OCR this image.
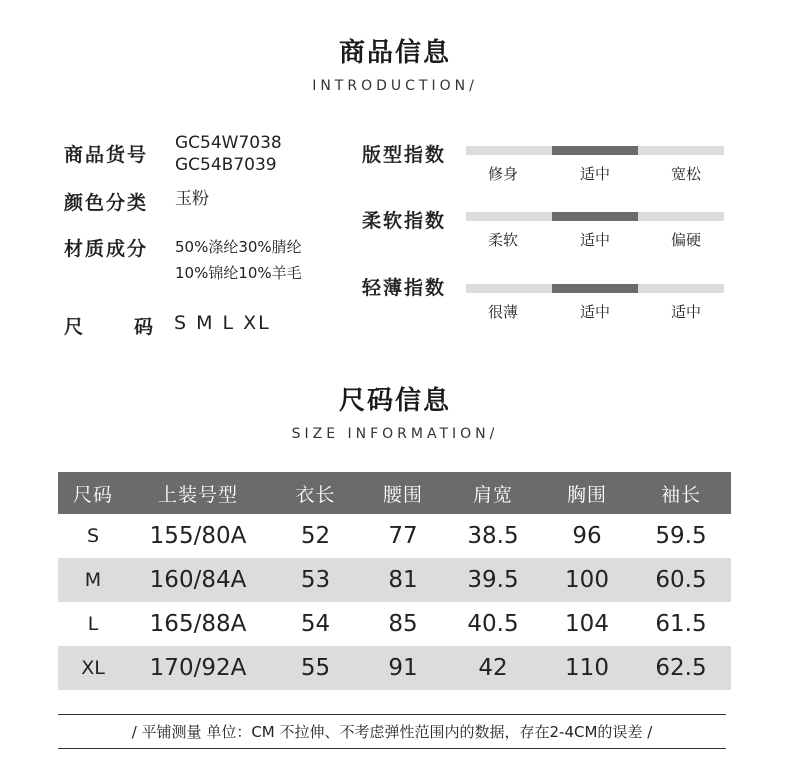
商品信息
INTRODUCTION/
商品货号
GC54W7038
GC54B7039
颜色分类 玉粉
材质成分 50%涤纶30%腈纶
10%锦纶10%羊毛
尺	码 S M L XL
版型指数
修身	适中	宽松
柔软指数
柔软	适中	偏硬
轻薄指数
很薄	适中	适中
尺码信息
SIZE INFORMATION/
尺码	上装号型	衣长	腰围	肩宽	胸围	袖长
S	155/80A	52	77	38.5	96	59.5
M	160/84A	53	81	39.5	100	60.5
L	165/88A	54	85	40.5	104	61.5
XL	170/92A	55	91	42	110	62.5
/ 平铺测量 单位：CM 不拉伸、不考虑弹性范围内的数据，存在2-4CM的误差 /
